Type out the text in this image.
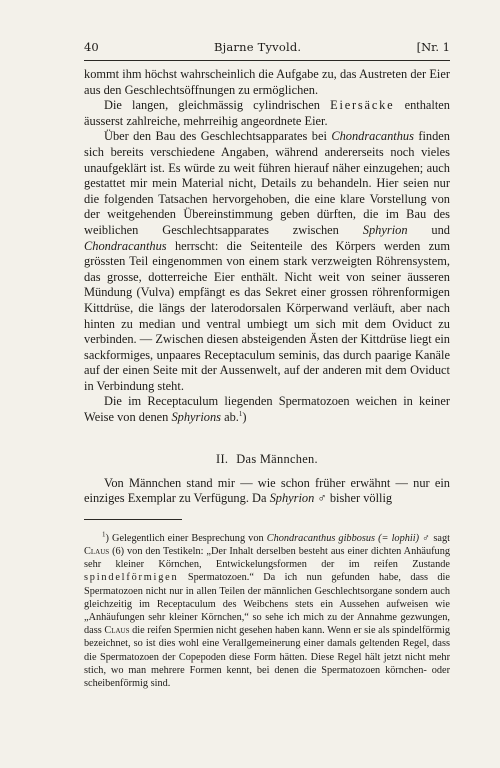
40	Bjarne Tyvold.	[Nr. 1

kommt ihm höchst wahrscheinlich die Aufgabe zu, das Austreten der Eier aus den Geschlechtsöffnungen zu ermöglichen.

Die langen, gleichmässig cylindrischen Eiersäcke enthalten äusserst zahlreiche, mehrreihig angeordnete Eier.

Über den Bau des Geschlechtsapparates bei Chondracanthus finden sich bereits verschiedene Angaben, während andererseits noch vieles unaufgeklärt ist. Es würde zu weit führen hierauf näher einzugehen; auch gestattet mir mein Material nicht, Details zu behandeln. Hier seien nur die folgenden Tatsachen hervorgehoben, die eine klare Vorstellung von der weitgehenden Übereinstimmung geben dürften, die im Bau des weiblichen Geschlechtsapparates zwischen Sphyrion und Chondracanthus herrscht: die Seitenteile des Körpers werden zum grössten Teil eingenommen von einem stark verzweigten Röhrensystem, das grosse, dotterreiche Eier enthält. Nicht weit von seiner äusseren Mündung (Vulva) empfängt es das Sekret einer grossen röhrenformigen Kittdrüse, die längs der laterodorsalen Körperwand verläuft, aber nach hinten zu median und ventral umbiegt um sich mit dem Oviduct zu verbinden. — Zwischen diesen absteigenden Ästen der Kittdrüse liegt ein sackformiges, unpaares Receptaculum seminis, das durch paarige Kanäle auf der einen Seite mit der Aussenwelt, auf der anderen mit dem Oviduct in Verbindung steht.

Die im Receptaculum liegenden Spermatozoen weichen in keiner Weise von denen Sphyrions ab.$^1$)

II. Das Männchen.

Von Männchen stand mir — wie schon früher erwähnt — nur ein einziges Exemplar zu Verfügung. Da Sphyrion ♂ bisher völlig

$^1$) Gelegentlich einer Besprechung von Chondracanthus gibbosus (= lophii) ♂ sagt Claus (6) von den Testikeln: „Der Inhalt derselben besteht aus einer dichten Anhäufung sehr kleiner Körnchen, Entwickelungsformen der im reifen Zustande spindelförmigen Spermatozoen.“ Da ich nun gefunden habe, dass die Spermatozoen nicht nur in allen Teilen der männlichen Geschlechtsorgane sondern auch gleichzeitig im Receptaculum des Weibchens stets ein Aussehen aufweisen wie „Anhäufungen sehr kleiner Körnchen,“ so sehe ich mich zu der Annahme gezwungen, dass Claus die reifen Spermien nicht gesehen haben kann. Wenn er sie als spindelförmig bezeichnet, so ist dies wohl eine Verallgemeinerung einer damals geltenden Regel, dass die Spermatozoen der Copepoden diese Form hätten. Diese Regel hält jetzt nicht mehr stich, wo man mehrere Formen kennt, bei denen die Spermatozoen körnchen- oder scheibenförmig sind.
